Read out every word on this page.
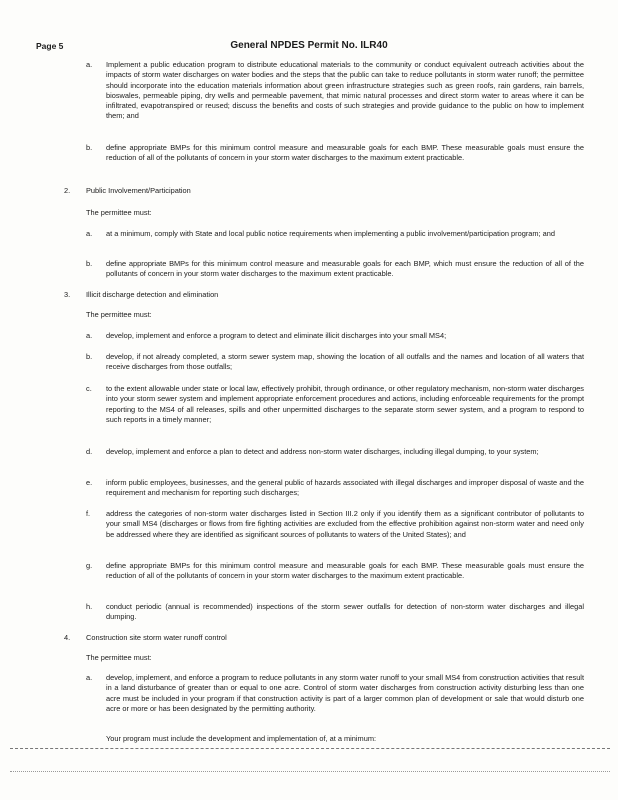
Page 5	General NPDES Permit No. ILR40
a. Implement a public education program to distribute educational materials to the community or conduct equivalent outreach activities about the impacts of storm water discharges on water bodies and the steps that the public can take to reduce pollutants in storm water runoff; the permittee should incorporate into the education materials information about green infrastructure strategies such as green roofs, rain gardens, rain barrels, bioswales, permeable piping, dry wells and permeable pavement, that mimic natural processes and direct storm water to areas where it can be infiltrated, evapotranspired or reused; discuss the benefits and costs of such strategies and provide guidance to the public on how to implement them; and
b. define appropriate BMPs for this minimum control measure and measurable goals for each BMP. These measurable goals must ensure the reduction of all of the pollutants of concern in your storm water discharges to the maximum extent practicable.
2. Public Involvement/Participation
The permittee must:
a. at a minimum, comply with State and local public notice requirements when implementing a public involvement/participation program; and
b. define appropriate BMPs for this minimum control measure and measurable goals for each BMP, which must ensure the reduction of all of the pollutants of concern in your storm water discharges to the maximum extent practicable.
3. Illicit discharge detection and elimination
The permittee must:
a. develop, implement and enforce a program to detect and eliminate illicit discharges into your small MS4;
b. develop, if not already completed, a storm sewer system map, showing the location of all outfalls and the names and location of all waters that receive discharges from those outfalls;
c. to the extent allowable under state or local law, effectively prohibit, through ordinance, or other regulatory mechanism, non-storm water discharges into your storm sewer system and implement appropriate enforcement procedures and actions, including enforceable requirements for the prompt reporting to the MS4 of all releases, spills and other unpermitted discharges to the separate storm sewer system, and a program to respond to such reports in a timely manner;
d. develop, implement and enforce a plan to detect and address non-storm water discharges, including illegal dumping, to your system;
e. inform public employees, businesses, and the general public of hazards associated with illegal discharges and improper disposal of waste and the requirement and mechanism for reporting such discharges;
f. address the categories of non-storm water discharges listed in Section III.2 only if you identify them as a significant contributor of pollutants to your small MS4 (discharges or flows from fire fighting activities are excluded from the effective prohibition against non-storm water and need only be addressed where they are identified as significant sources of pollutants to waters of the United States); and
g. define appropriate BMPs for this minimum control measure and measurable goals for each BMP. These measurable goals must ensure the reduction of all of the pollutants of concern in your storm water discharges to the maximum extent practicable.
h. conduct periodic (annual is recommended) inspections of the storm sewer outfalls for detection of non-storm water discharges and illegal dumping.
4. Construction site storm water runoff control
The permittee must:
a. develop, implement, and enforce a program to reduce pollutants in any storm water runoff to your small MS4 from construction activities that result in a land disturbance of greater than or equal to one acre. Control of storm water discharges from construction activity disturbing less than one acre must be included in your program if that construction activity is part of a larger common plan of development or sale that would disturb one acre or more or has been designated by the permitting authority.
Your program must include the development and implementation of, at a minimum:
